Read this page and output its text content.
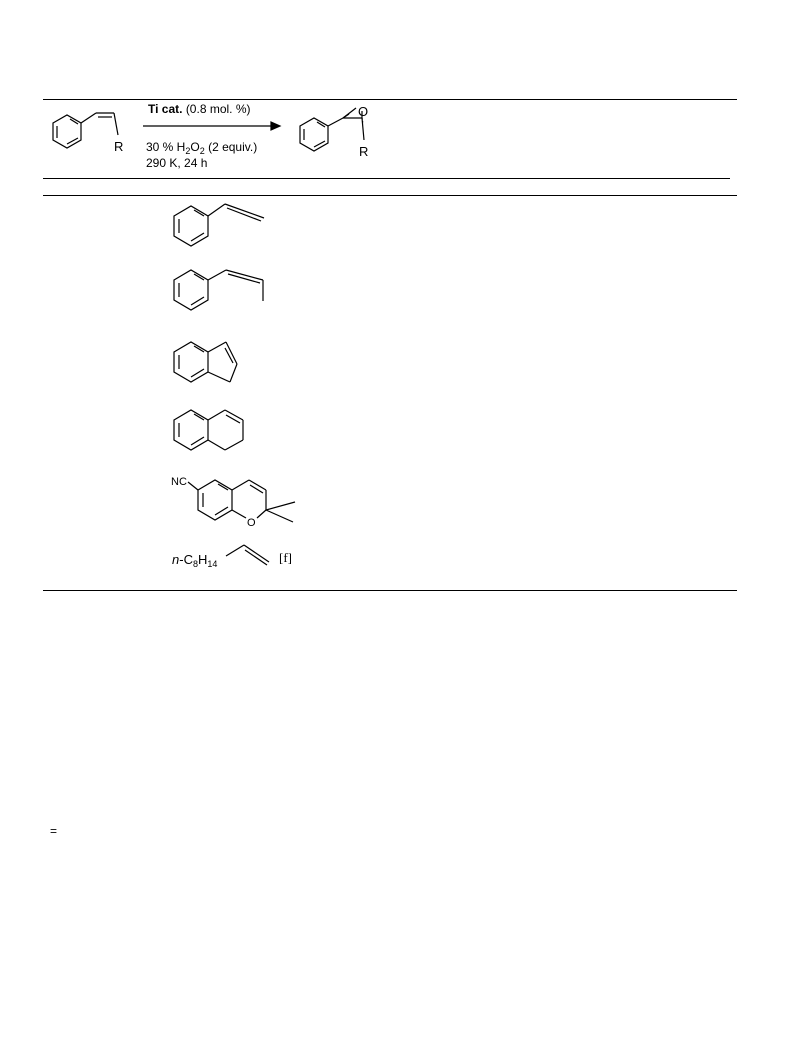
R
Ti cat. (0.8 mol. %)
30 % $H_2O_2$ (2 equiv.)
290 K, 24 h
O
R
NC
O
$n-C_8H_{14}$	[f]
=
